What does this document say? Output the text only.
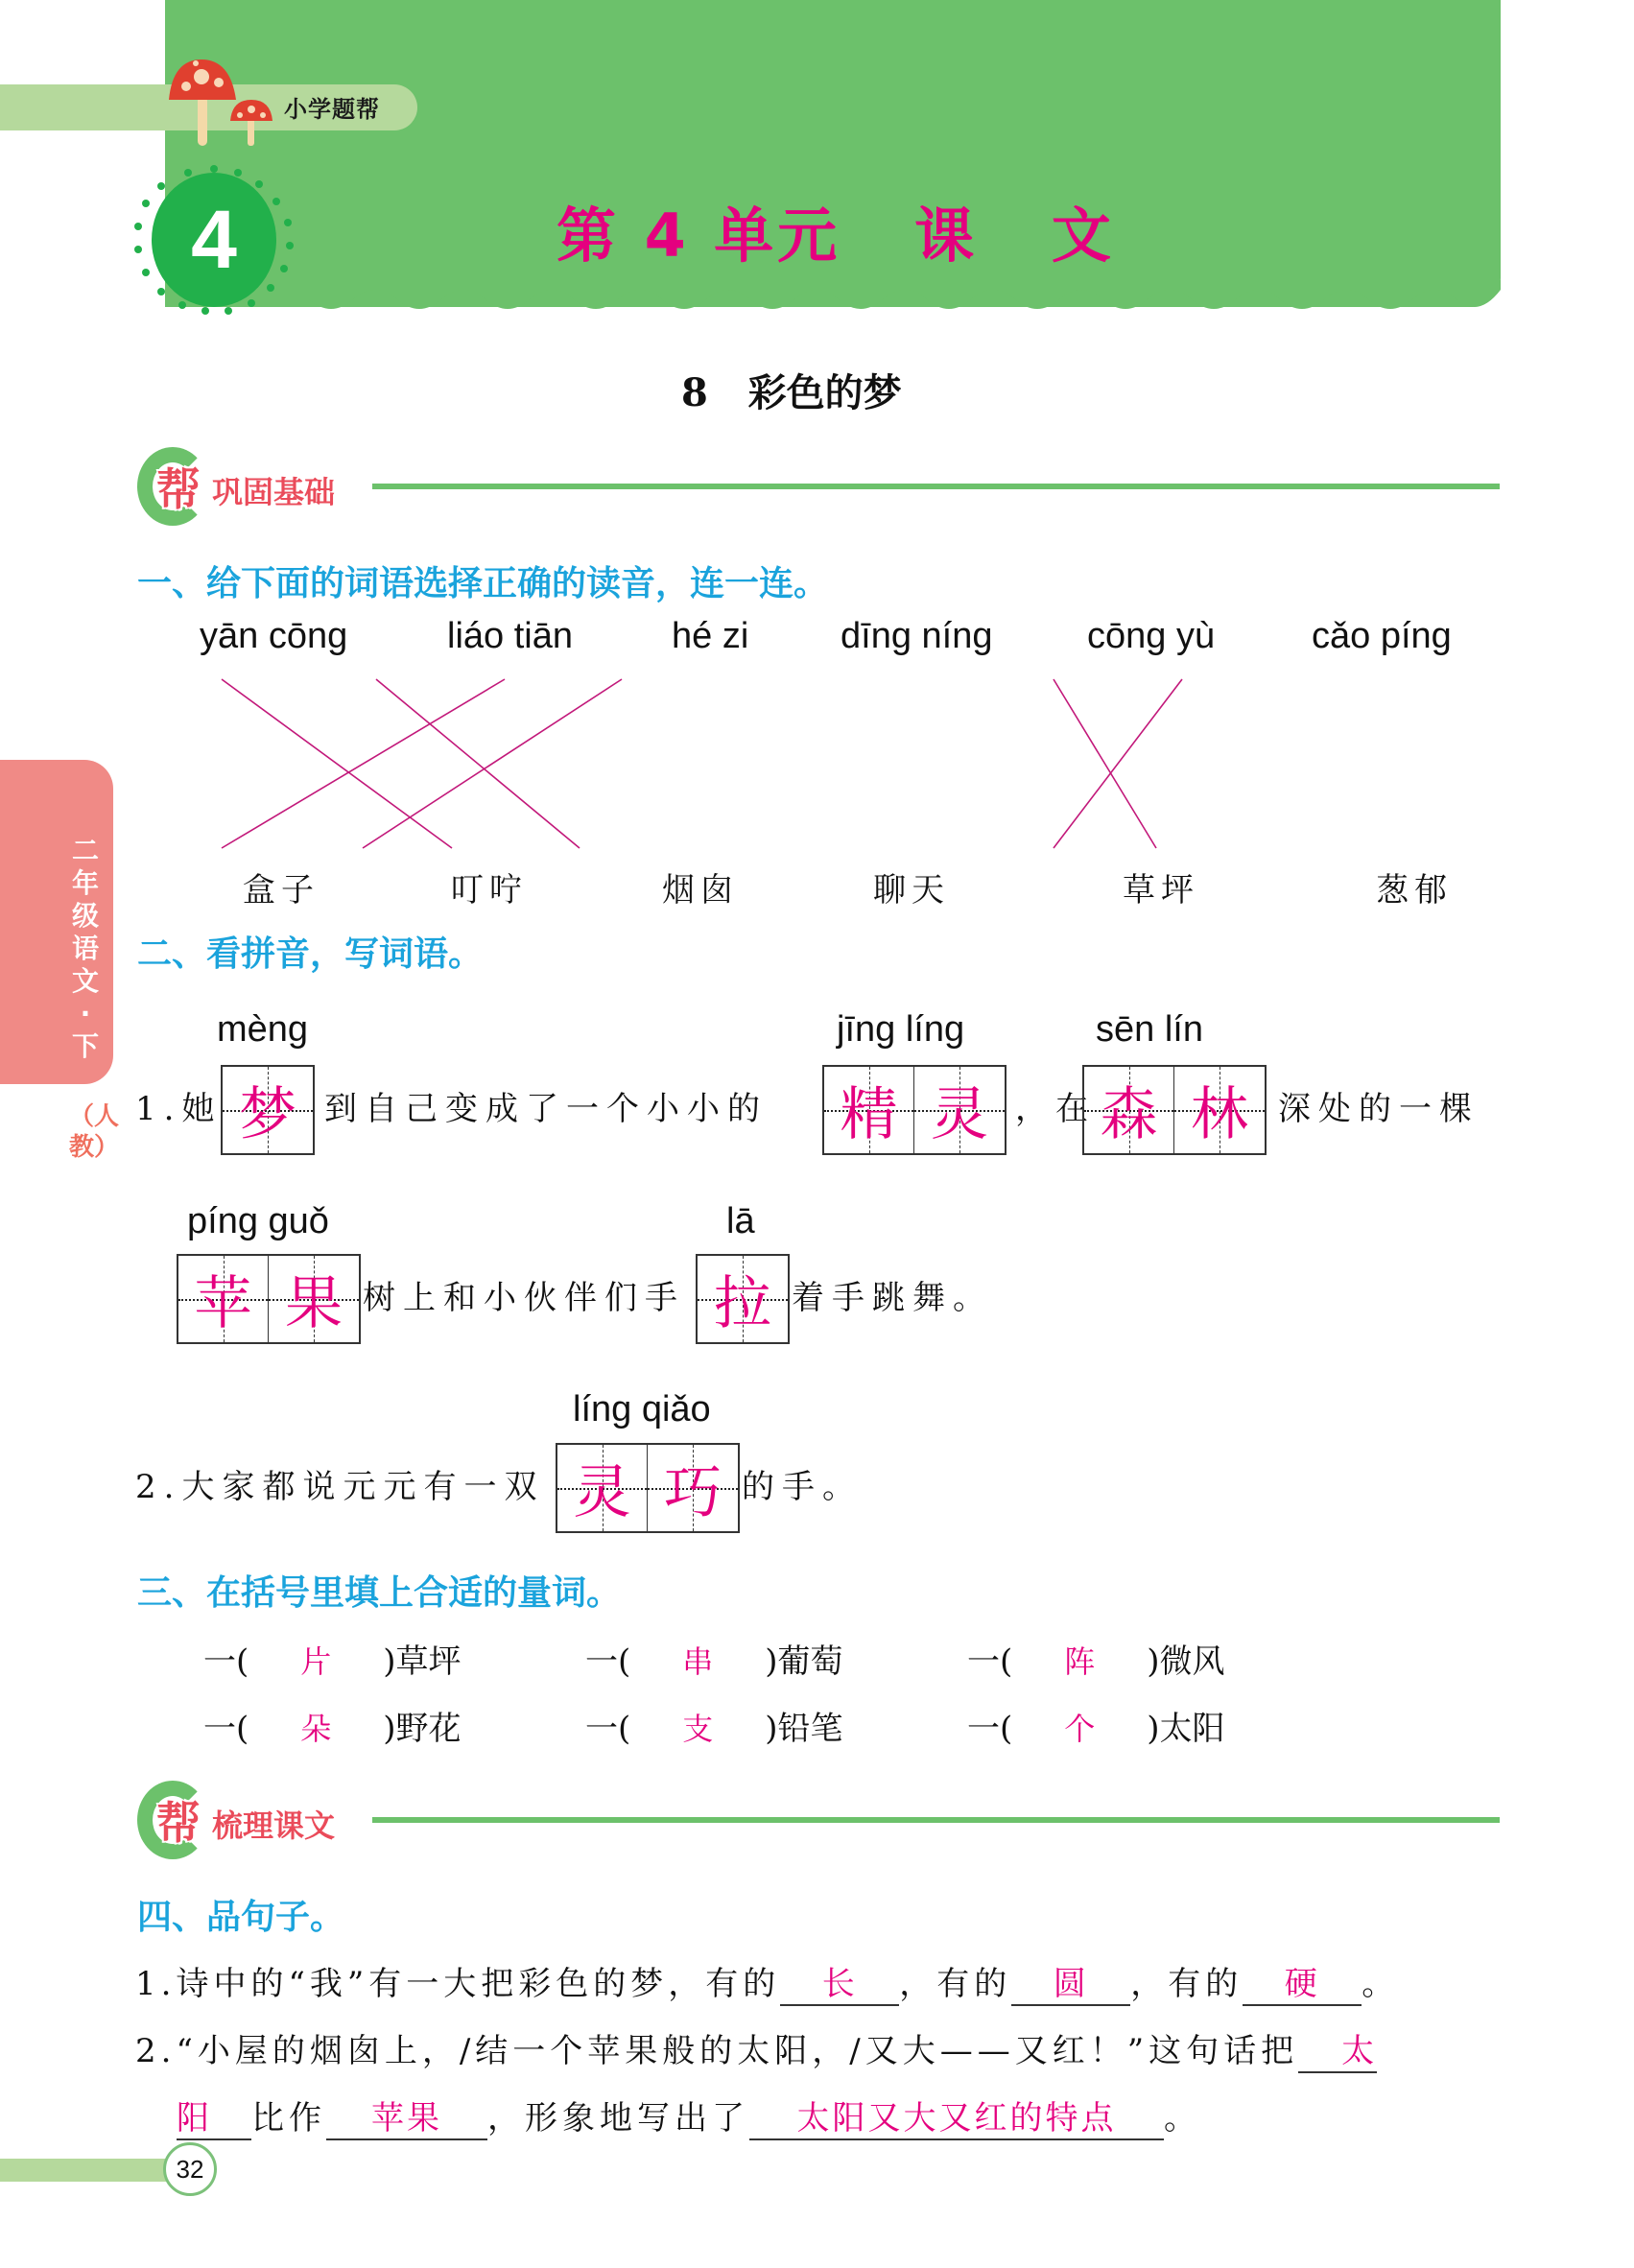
小学题帮
4	第 4 单元   课   文
8   彩色的梦
二年级语文·下
（人教）
帮 巩固基础
一、给下面的词语选择正确的读音，连一连。
yān cōng	liáo tiān	hé zi	dīng níng	cōng yù	cǎo píng
盒子	叮咛	烟囱	聊天	草坪	葱郁
二、看拼音，写词语。
mèng	jīng líng	sēn lín
1.她 梦 到自己变成了一个小小的 精 灵 ，在 森 林 深处的一棵
píng guǒ	lā
苹 果 树上和小伙伴们手 拉 着手跳舞。
líng qiǎo
2.大家都说元元有一双 灵 巧 的手。
三、在括号里填上合适的量词。
一( 片 )草坪	一( 串 )葡萄	一( 阵 )微风
一( 朵 )野花	一( 支 )铅笔	一( 个 )太阳
帮 梳理课文
四、品句子。
1.诗中的“我”有一大把彩色的梦，有的 长 ，有的 圆 ，有的 硬 。
2.“小屋的烟囱上，/结一个苹果般的太阳，/又大——又红！”这句话把 太
阳 比作 苹果 ，形象地写出了 太阳又大又红的特点 。
32
